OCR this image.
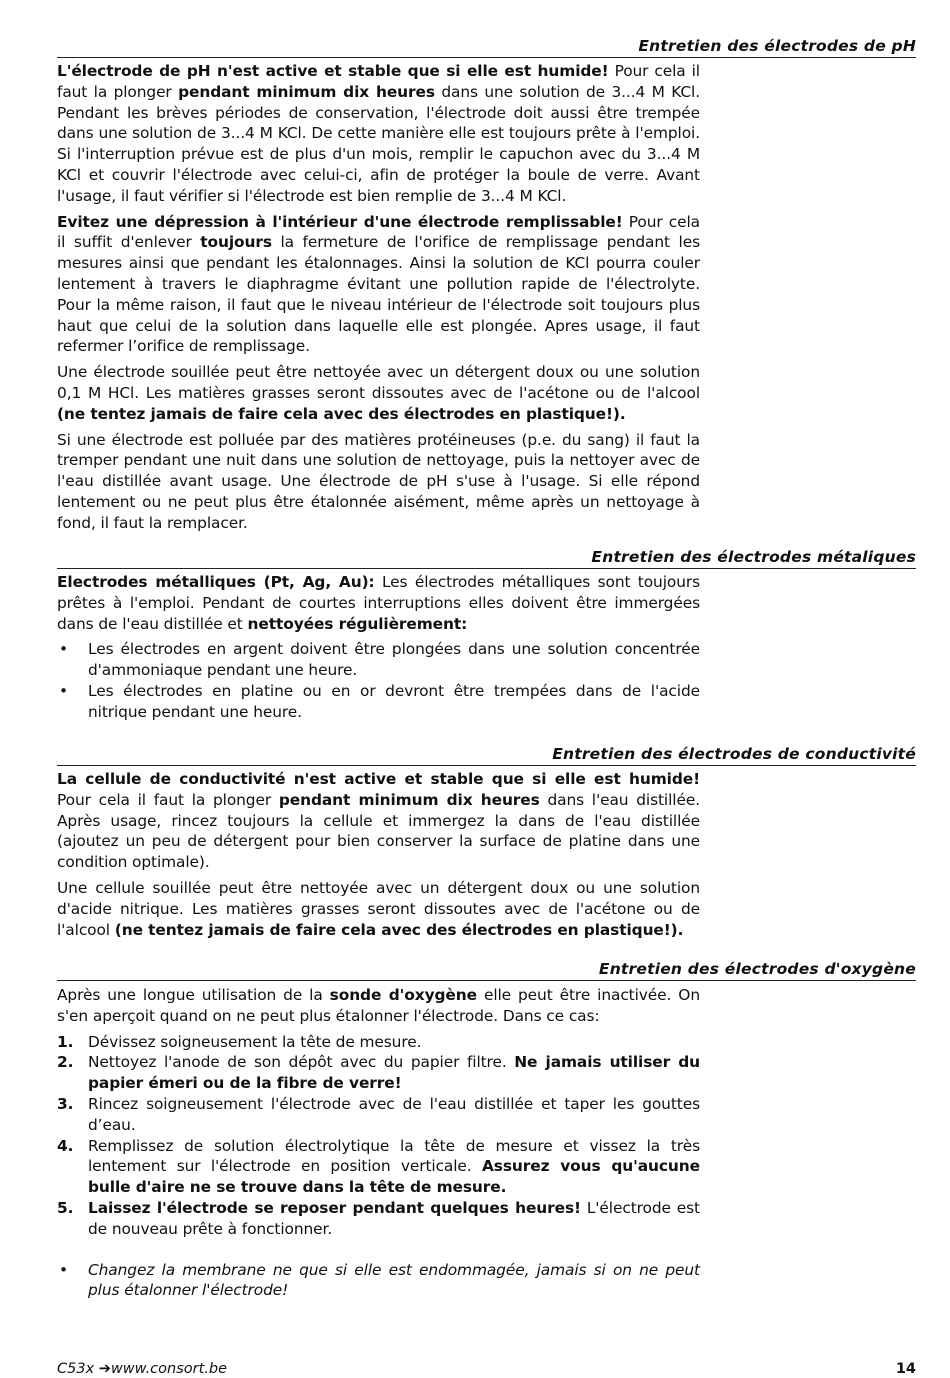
Entretien des électrodes de pH

L'électrode de pH n'est active et stable que si elle est humide! Pour cela il faut la plonger pendant minimum dix heures dans une solution de 3...4 M KCl. Pendant les brèves périodes de conservation, l'électrode doit aussi être trempée dans une solution de 3...4 M KCl. De cette manière elle est toujours prête à l'emploi. Si l'interruption prévue est de plus d'un mois, remplir le capuchon avec du 3...4 M KCl et couvrir l'électrode avec celui-ci, afin de protéger la boule de verre. Avant l'usage, il faut vérifier si l'électrode est bien remplie de 3...4 M KCl.

Evitez une dépression à l'intérieur d'une électrode remplissable! Pour cela il suffit d'enlever toujours la fermeture de l'orifice de remplissage pendant les mesures ainsi que pendant les étalonnages. Ainsi la solution de KCl pourra couler lentement à travers le diaphragme évitant une pollution rapide de l'électrolyte. Pour la même raison, il faut que le niveau intérieur de l'électrode soit toujours plus haut que celui de la solution dans laquelle elle est plongée. Apres usage, il faut refermer l’orifice de remplissage.

Une électrode souillée peut être nettoyée avec un détergent doux ou une solution 0,1 M HCl. Les matières grasses seront dissoutes avec de l'acétone ou de l'alcool (ne tentez jamais de faire cela avec des électrodes en plastique!).

Si une électrode est polluée par des matières protéineuses (p.e. du sang) il faut la tremper pendant une nuit dans une solution de nettoyage, puis la nettoyer avec de l'eau distillée avant usage. Une électrode de pH s'use à l'usage. Si elle répond lentement ou ne peut plus être étalonnée aisément, même après un nettoyage à fond, il faut la remplacer.

Entretien des électrodes métaliques

Electrodes métalliques (Pt, Ag, Au): Les électrodes métalliques sont toujours prêtes à l'emploi. Pendant de courtes interruptions elles doivent être immergées dans de l'eau distillée et nettoyées régulièrement:

• Les électrodes en argent doivent être plongées dans une solution concentrée d'ammoniaque pendant une heure.
• Les électrodes en platine ou en or devront être trempées dans de l'acide nitrique pendant une heure.
Entretien des électrodes de conductivité

La cellule de conductivité n'est active et stable que si elle est humide! Pour cela il faut la plonger pendant minimum dix heures dans l'eau distillée. Après usage, rincez toujours la cellule et immergez la dans de l'eau distillée (ajoutez un peu de détergent pour bien conserver la surface de platine dans une condition optimale).

Une cellule souillée peut être nettoyée avec un détergent doux ou une solution d'acide nitrique. Les matières grasses seront dissoutes avec de l'acétone ou de l'alcool (ne tentez jamais de faire cela avec des électrodes en plastique!).

Entretien des électrodes d'oxygène

Après une longue utilisation de la sonde d'oxygène elle peut être inactivée. On s'en aperçoit quand on ne peut plus étalonner l'électrode. Dans ce cas:

1. Dévissez soigneusement la tête de mesure.
2. Nettoyez l'anode de son dépôt avec du papier filtre. Ne jamais utiliser du papier émeri ou de la fibre de verre!
3. Rincez soigneusement l'électrode avec de l'eau distillée et taper les gouttes d’eau.
4. Remplissez de solution électrolytique la tête de mesure et vissez la très lentement sur l'électrode en position verticale. Assurez vous qu'aucune bulle d'aire ne se trouve dans la tête de mesure.
5. Laissez l'électrode se reposer pendant quelques heures! L'électrode est de nouveau prête à fonctionner.
• Changez la membrane ne que si elle est endommagée, jamais si on ne peut plus étalonner l'électrode!
C53x ➔www.consort.be	14
